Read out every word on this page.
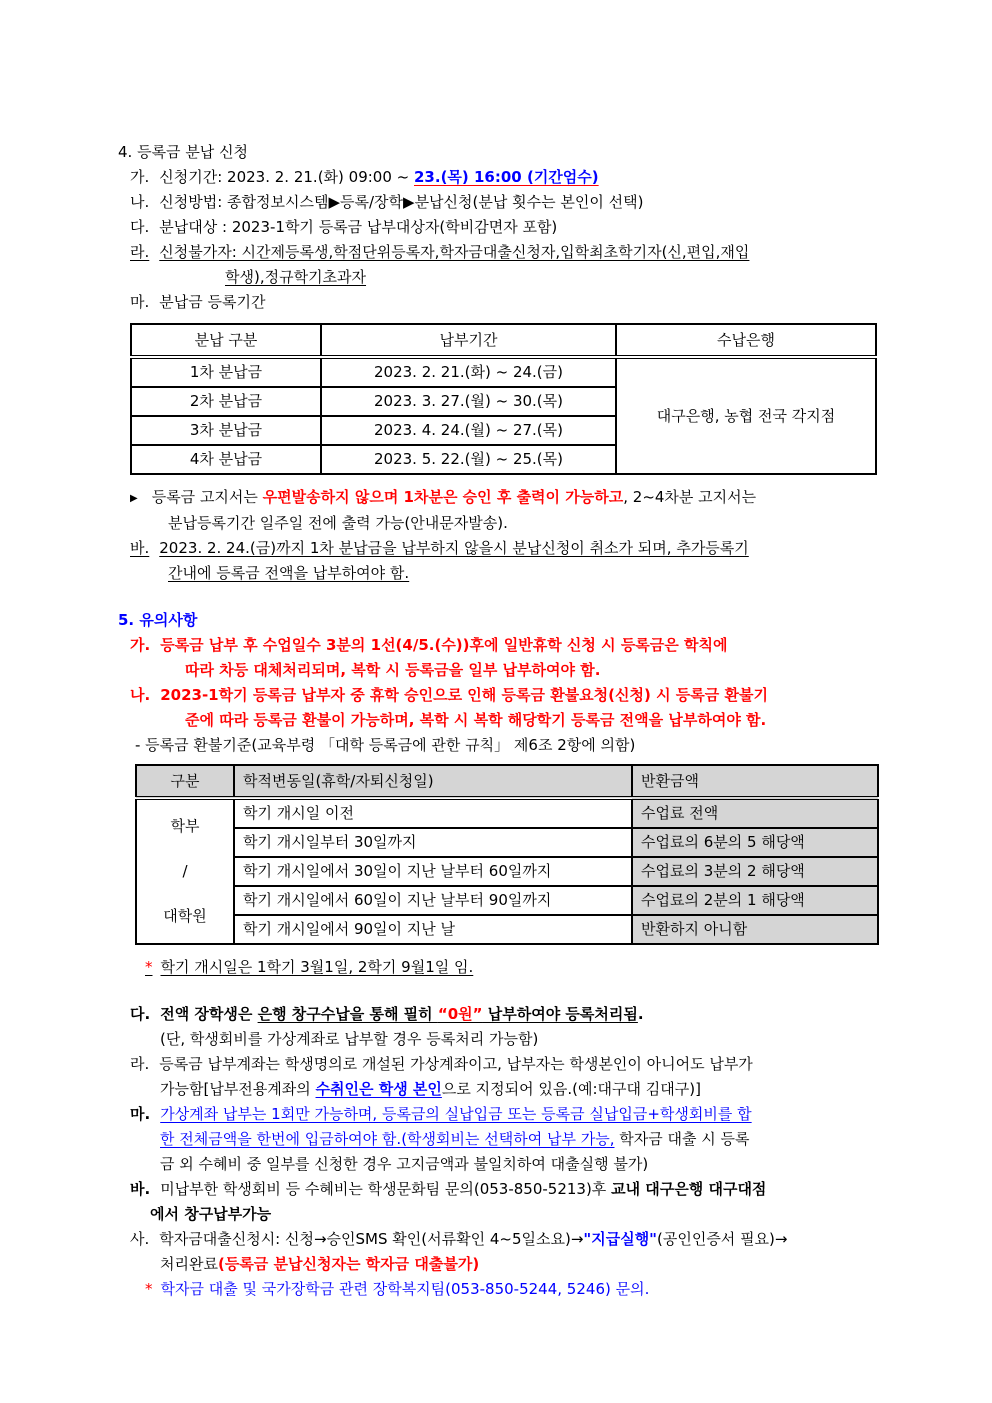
4. 등록금 분납 신청
가. 신청기간: 2023. 2. 21.(화) 09:00 ~ 23.(목) 16:00 (기간엄수)
나. 신청방법: 종합정보시스템▶등록/장학▶분납신청(분납 횟수는 본인이 선택)
다. 분납대상 : 2023-1학기 등록금 납부대상자(학비감면자 포함)
라. 신청불가자: 시간제등록생,학점단위등록자,학자금대출신청자,입학최초학기자(신,편입,재입
학생),정규학기초과자
마. 분납금 등록기간
분납 구분	납부기간	수납은행
1차 분납금	2023. 2. 21.(화) ~ 24.(금)	대구은행, 농협 전국 각지점
2차 분납금	2023. 3. 27.(월) ~ 30.(목)	
3차 분납금	2023. 4. 24.(월) ~ 27.(목)	
4차 분납금	2023. 5. 22.(월) ~ 25.(목)	
▶ 등록금 고지서는 우편발송하지 않으며 1차분은 승인 후 출력이 가능하고, 2~4차분 고지서는
분납등록기간 일주일 전에 출력 가능(안내문자발송).
바. 2023. 2. 24.(금)까지 1차 분납금을 납부하지 않을시 분납신청이 취소가 되며, 추가등록기
간내에 등록금 전액을 납부하여야 함.
5. 유의사항
가. 등록금 납부 후 수업일수 3분의 1선(4/5.(수))후에 일반휴학 신청 시 등록금은 학칙에
따라 차등 대체처리되며, 복학 시 등록금을 일부 납부하여야 함.
나. 2023-1학기 등록금 납부자 중 휴학 승인으로 인해 등록금 환불요청(신청) 시 등록금 환불기
준에 따라 등록금 환불이 가능하며, 복학 시 복학 해당학기 등록금 전액을 납부하여야 함.
- 등록금 환불기준(교육부령 「대학 등록금에 관한 규칙」 제6조 2항에 의함)
구분	학적변동일(휴학/자퇴신청일)	반환금액

학부
/
대학원	학기 개시일 이전	수업료 전액
	학기 개시일부터 30일까지	수업료의 6분의 5 해당액
	학기 개시일에서 30일이 지난 날부터 60일까지	수업료의 3분의 2 해당액
	학기 개시일에서 60일이 지난 날부터 90일까지	수업료의 2분의 1 해당액
	학기 개시일에서 90일이 지난 날	반환하지 아니함
* 학기 개시일은 1학기 3월1일, 2학기 9월1일 임.
다. 전액 장학생은 은행 창구수납을 통해 필히 “0원” 납부하여야 등록처리됨.
(단, 학생회비를 가상계좌로 납부할 경우 등록처리 가능함)
라. 등록금 납부계좌는 학생명의로 개설된 가상계좌이고, 납부자는 학생본인이 아니어도 납부가
가능함[납부전용계좌의 수취인은 학생 본인으로 지정되어 있음.(예:대구대 김대구)]
마. 가상계좌 납부는 1회만 가능하며, 등록금의 실납입금 또는 등록금 실납입금+학생회비를 합
한 전체금액을 한번에 입금하여야 함.(학생회비는 선택하여 납부 가능, 학자금 대출 시 등록
금 외 수혜비 중 일부를 신청한 경우 고지금액과 불일치하여 대출실행 불가)
바. 미납부한 학생회비 등 수혜비는 학생문화팀 문의(053-850-5213)후 교내 대구은행 대구대점
에서 창구납부가능
사. 학자금대출신청시: 신청→승인SMS 확인(서류확인 4~5일소요)→"지급실행"(공인인증서 필요)→
처리완료(등록금 분납신청자는 학자금 대출불가)
* 학자금 대출 및 국가장학금 관련 장학복지팀(053-850-5244, 5246) 문의.
